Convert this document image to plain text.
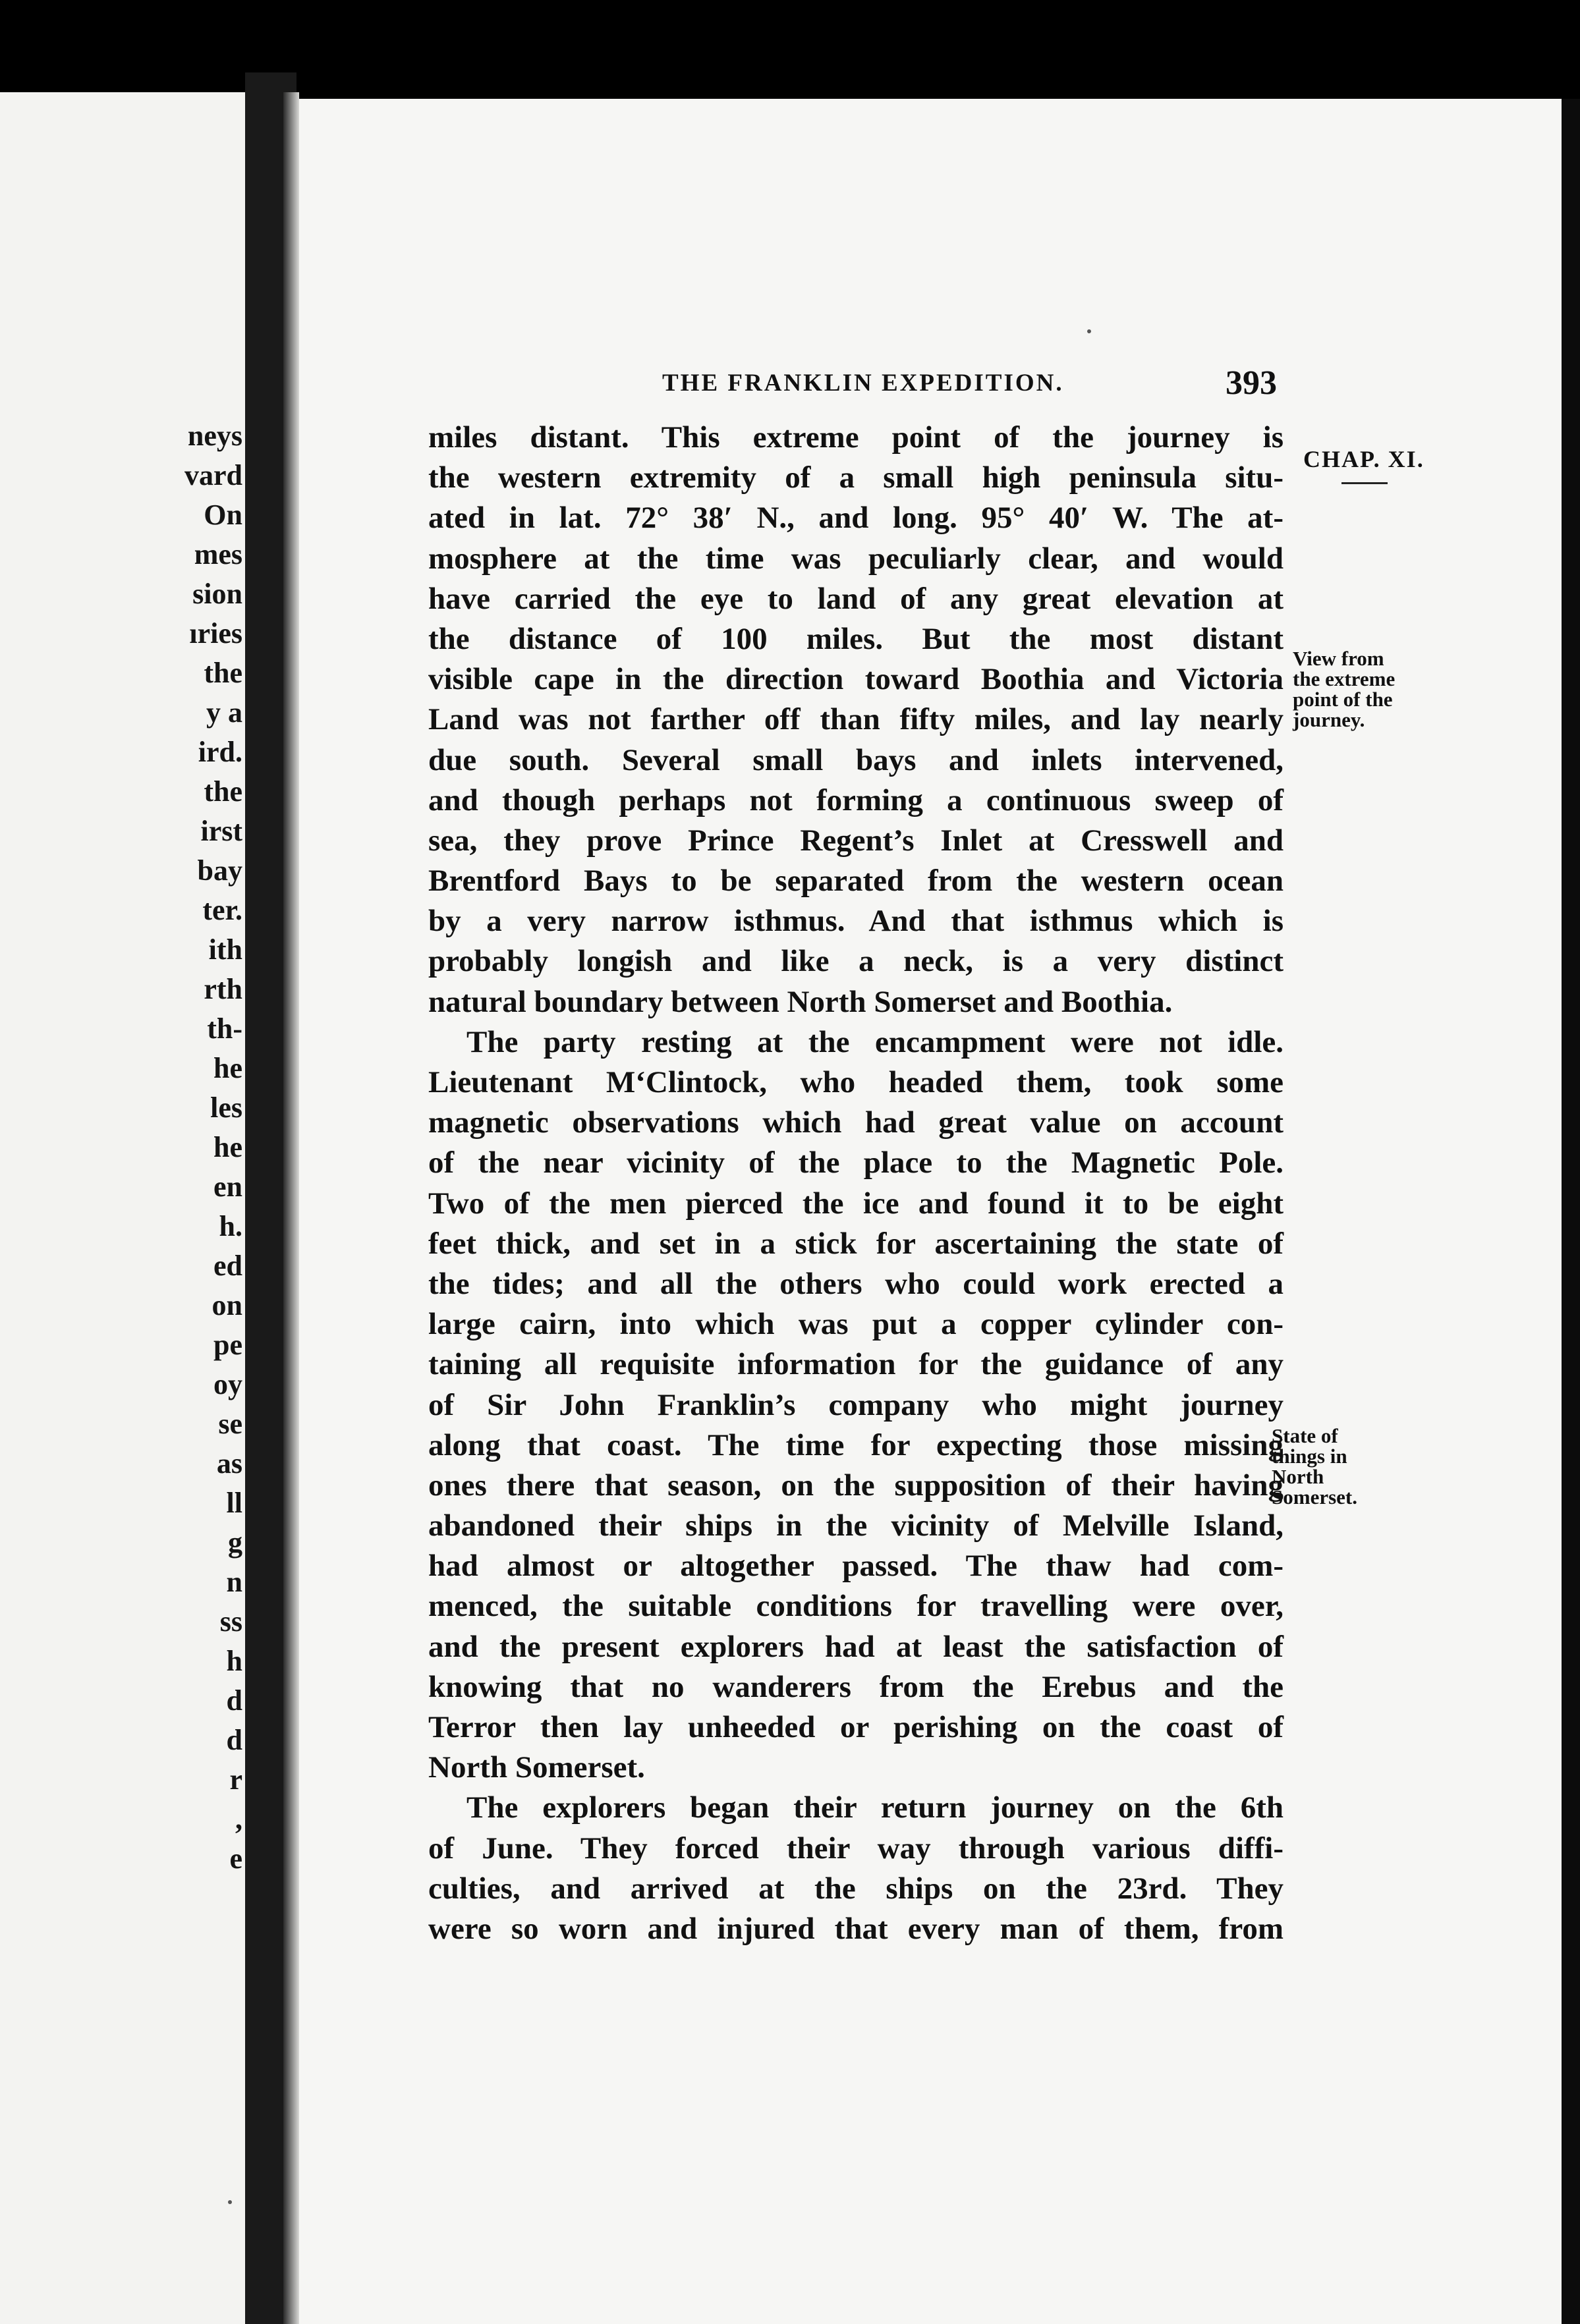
neys
vard
On
mes
sion
ıries
the
y a
ird.
the
irst
bay
ter.
ith
rth
th-
he
les
he
en
h.
ed
on
pe
oy
se
as
ll
g
n
ss
h
d
d
r
,
e
THE FRANKLIN EXPEDITION.	393
CHAP. XI.
View from
the extreme
point of the
journey.
State of
things in
North
Somerset.
miles distant. This extreme point of the journey is
the western extremity of a small high peninsula situ-
ated in lat. 72° 38′ N., and long. 95° 40′ W. The at-
mosphere at the time was peculiarly clear, and would
have carried the eye to land of any great elevation at
the distance of 100 miles. But the most distant
visible cape in the direction toward Boothia and Victoria
Land was not farther off than fifty miles, and lay nearly
due south. Several small bays and inlets intervened,
and though perhaps not forming a continuous sweep of
sea, they prove Prince Regent’s Inlet at Cresswell and
Brentford Bays to be separated from the western ocean
by a very narrow isthmus. And that isthmus which is
probably longish and like a neck, is a very distinct
natural boundary between North Somerset and Boothia.
The party resting at the encampment were not idle.
Lieutenant M‘Clintock, who headed them, took some
magnetic observations which had great value on account
of the near vicinity of the place to the Magnetic Pole.
Two of the men pierced the ice and found it to be eight
feet thick, and set in a stick for ascertaining the state of
the tides; and all the others who could work erected a
large cairn, into which was put a copper cylinder con-
taining all requisite information for the guidance of any
of Sir John Franklin’s company who might journey
along that coast. The time for expecting those missing
ones there that season, on the supposition of their having
abandoned their ships in the vicinity of Melville Island,
had almost or altogether passed. The thaw had com-
menced, the suitable conditions for travelling were over,
and the present explorers had at least the satisfaction of
knowing that no wanderers from the Erebus and the
Terror then lay unheeded or perishing on the coast of
North Somerset.
The explorers began their return journey on the 6th
of June. They forced their way through various diffi-
culties, and arrived at the ships on the 23rd. They
were so worn and injured that every man of them, from
